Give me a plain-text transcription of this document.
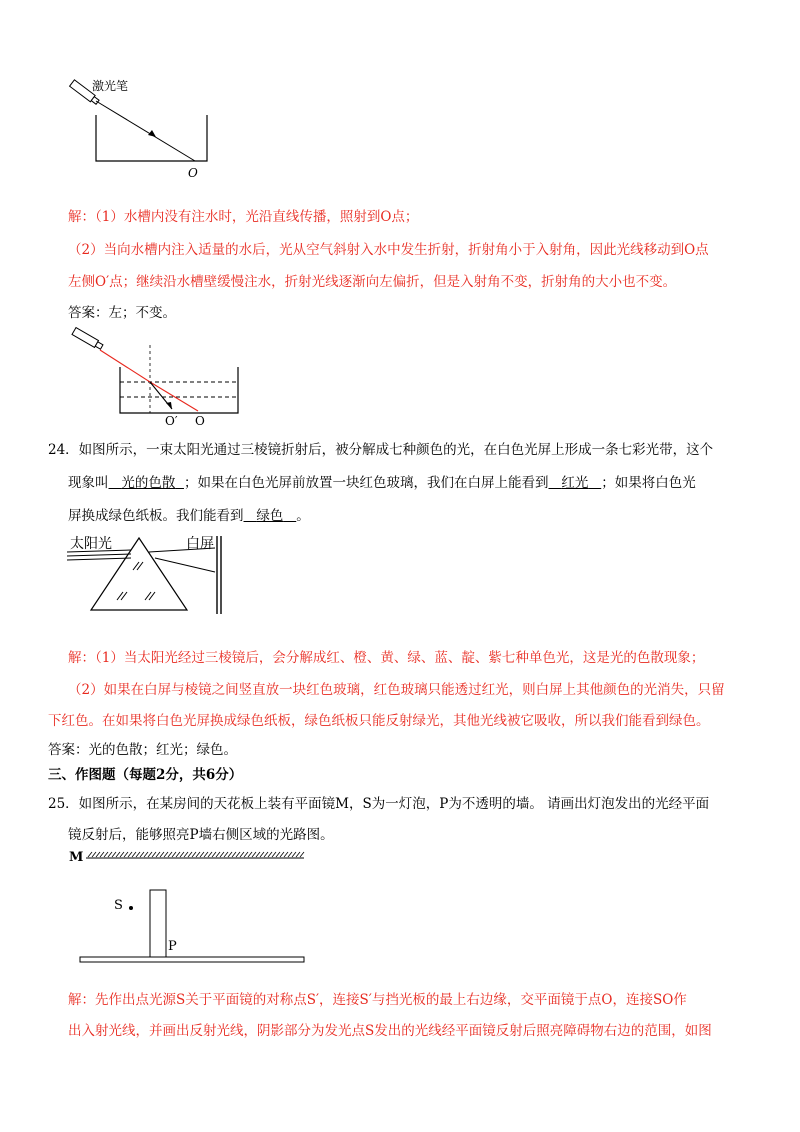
激光笔
O
解：（1）水槽内没有注水时，光沿直线传播，照射到O点；
（2）当向水槽内注入适量的水后，光从空气斜射入水中发生折射，折射角小于入射角，因此光线移动到O点
左侧O′点；继续沿水槽壁缓慢注水，折射光线逐渐向左偏折，但是入射角不变，折射角的大小也不变。
答案：左；不变。
O′ O
24．如图所示，一束太阳光通过三棱镜折射后，被分解成七种颜色的光，在白色光屏上形成一条七彩光带，这个
现象叫 光的色散 ；如果在白色光屏前放置一块红色玻璃，我们在白屏上能看到 红光 ；如果将白色光
屏换成绿色纸板。我们能看到 绿色 。
太阳光	白屏
解：（1）当太阳光经过三棱镜后，会分解成红、橙、黄、绿、蓝、靛、紫七种单色光，这是光的色散现象；
（2）如果在白屏与棱镜之间竖直放一块红色玻璃，红色玻璃只能透过红光，则白屏上其他颜色的光消失，只留
下红色。在如果将白色光屏换成绿色纸板，绿色纸板只能反射绿光，其他光线被它吸收，所以我们能看到绿色。
答案：光的色散；红光；绿色。
三、作图题（每题2分，共6分）
25．如图所示，在某房间的天花板上装有平面镜M，S为一灯泡，P为不透明的墙。 请画出灯泡发出的光经平面
镜反射后，能够照亮P墙右侧区域的光路图。
M
S
P
解：先作出点光源S关于平面镜的对称点S′，连接S′与挡光板的最上右边缘，交平面镜于点O，连接SO作
出入射光线，并画出反射光线，阴影部分为发光点S发出的光线经平面镜反射后照亮障碍物右边的范围，如图
